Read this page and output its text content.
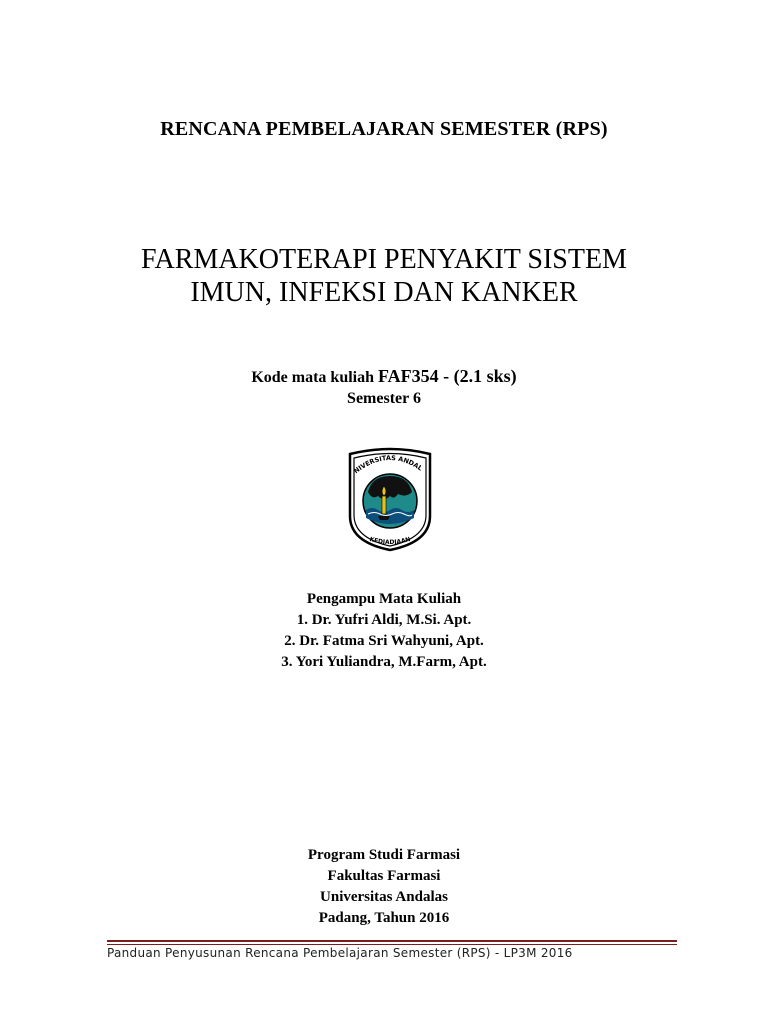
RENCANA PEMBELAJARAN SEMESTER (RPS)
FARMAKOTERAPI PENYAKIT SISTEM
IMUN, INFEKSI DAN KANKER
Kode mata kuliah FAF354 - (2.1 sks)
Semester 6
NIVERSITAS ANDAL
KEDJADJAAN
Pengampu Mata Kuliah
1. Dr. Yufri Aldi, M.Si. Apt.
2. Dr. Fatma Sri Wahyuni, Apt.
3. Yori Yuliandra, M.Farm, Apt.
Program Studi Farmasi
Fakultas Farmasi
Universitas Andalas
Padang, Tahun 2016
Panduan Penyusunan Rencana Pembelajaran Semester (RPS) - LP3M 2016
